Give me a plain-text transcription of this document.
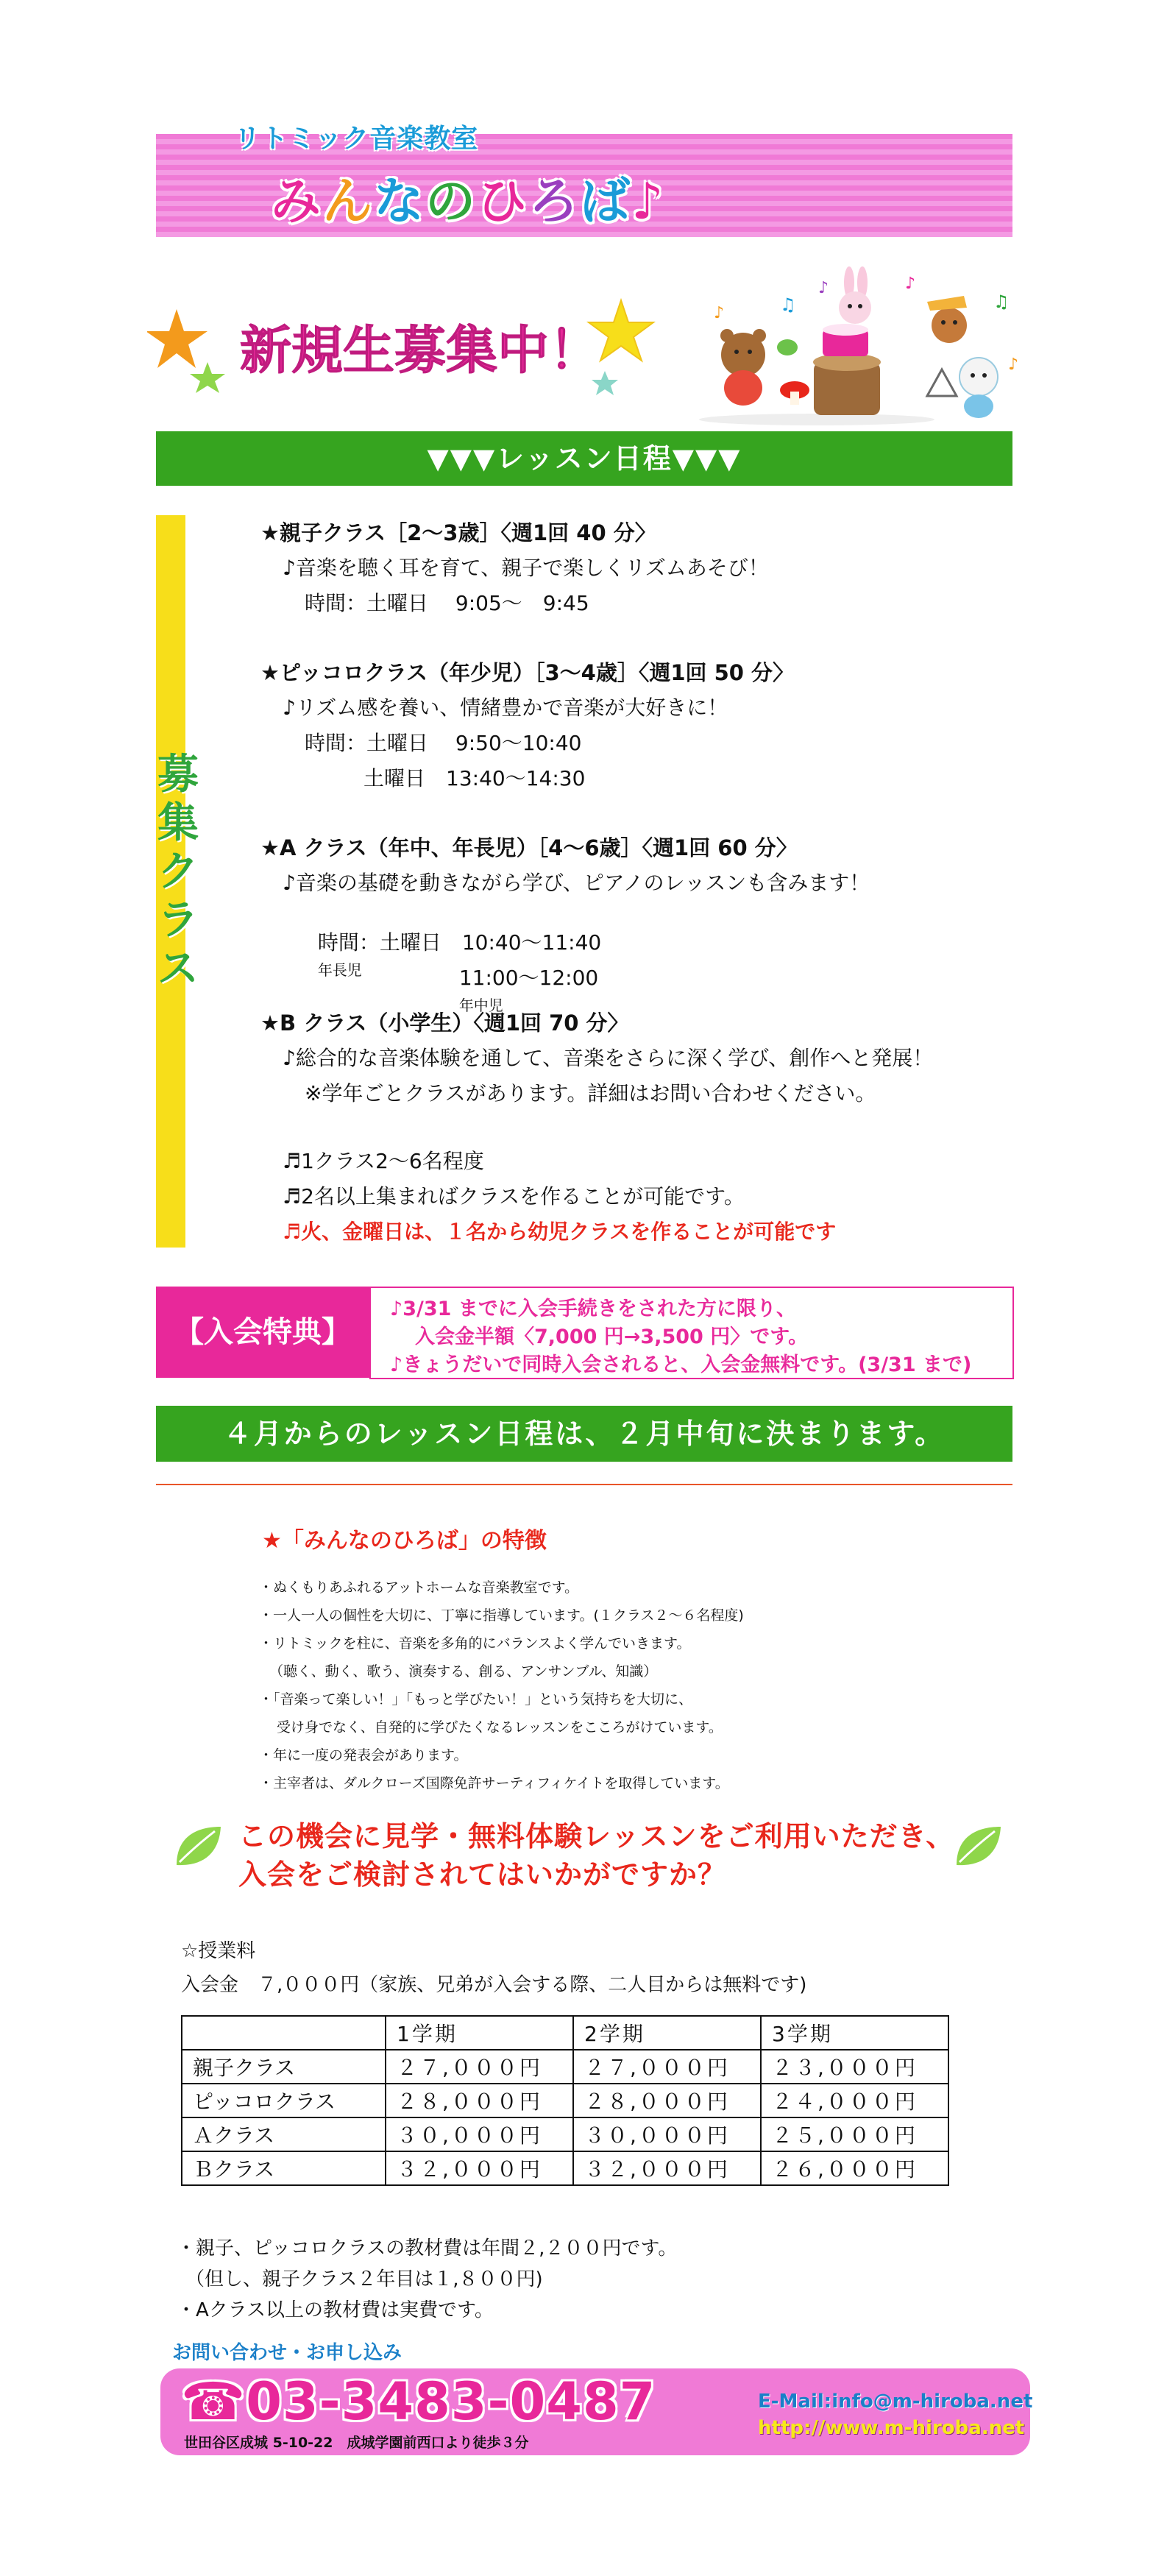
リトミック音楽教室
みんなのひろば♪
新規生募集中！
♪	♫
♪	♪
♫
♪
▼▼▼レッスン日程▼▼▼
募
集
ク
ラ
ス
★親子クラス［2〜3歳］〈週1回 40 分〉
♪音楽を聴く耳を育て、親子で楽しくリズムあそび！
時間：土曜日　 9:05〜　9:45
★ピッコロクラス（年少児）［3〜4歳］〈週1回 50 分〉
♪リズム感を養い、情緒豊かで音楽が大好きに！
時間：土曜日　 9:50〜10:40
土曜日　13:40〜14:30
★A クラス（年中、年長児）［4〜6歳］〈週1回 60 分〉
♪音楽の基礎を動きながら学び、ピアノのレッスンも含みます！

時間：土曜日　10:40〜11:40
年長児	11:00〜12:00
年中児

★B クラス（小学生）〈週1回 70 分〉
♪総合的な音楽体験を通して、音楽をさらに深く学び、創作へと発展！
※学年ごとクラスがあります。詳細はお問い合わせください。
♬1クラス2〜6名程度
♬2名以上集まればクラスを作ることが可能です。
♬火、金曜日は、１名から幼児クラスを作ることが可能です
【入会特典】
♪3/31 までに入会手続きをされた方に限り、
入会金半額〈7,000 円→3,500 円〉です。
♪きょうだいで同時入会されると、入会金無料です。(3/31 まで)
４月からのレッスン日程は、２月中旬に決まります。
★「みんなのひろば」の特徴
・ぬくもりあふれるアットホームな音楽教室です。
・一人一人の個性を大切に、丁寧に指導しています。(１クラス２〜６名程度)
・リトミックを柱に、音楽を多角的にバランスよく学んでいきます。
（聴く、動く、歌う、演奏する、創る、アンサンブル、知識）
・「音楽って楽しい！」「もっと学びたい！」という気持ちを大切に、
受け身でなく、自発的に学びたくなるレッスンをこころがけています。
・年に一度の発表会があります。
・主宰者は、ダルクローズ国際免許サーティフィケイトを取得しています。
この機会に見学・無料体験レッスンをご利用いただき、
入会をご検討されてはいかがですか？
☆授業料
入会金　７,０００円（家族、兄弟が入会する際、二人目からは無料です)
	1学期	2学期	3学期
親子クラス	２７,０００円	２７,０００円	２３,０００円
ピッコロクラス	２８,０００円	２８,０００円	２４,０００円
Ａクラス	３０,０００円	３０,０００円	２５,０００円
Ｂクラス	３２,０００円	３２,０００円	２６,０００円
・親子、ピッコロクラスの教材費は年間２,２００円です。
（但し、親子クラス２年目は１,８００円)
・Aクラス以上の教材費は実費です。
お問い合わせ・お申し込み
☎03-3483-0487
世田谷区成城 5-10-22　成城学園前西口より徒歩３分
E-Mail:info@m-hiroba.net
http://www.m-hiroba.net
